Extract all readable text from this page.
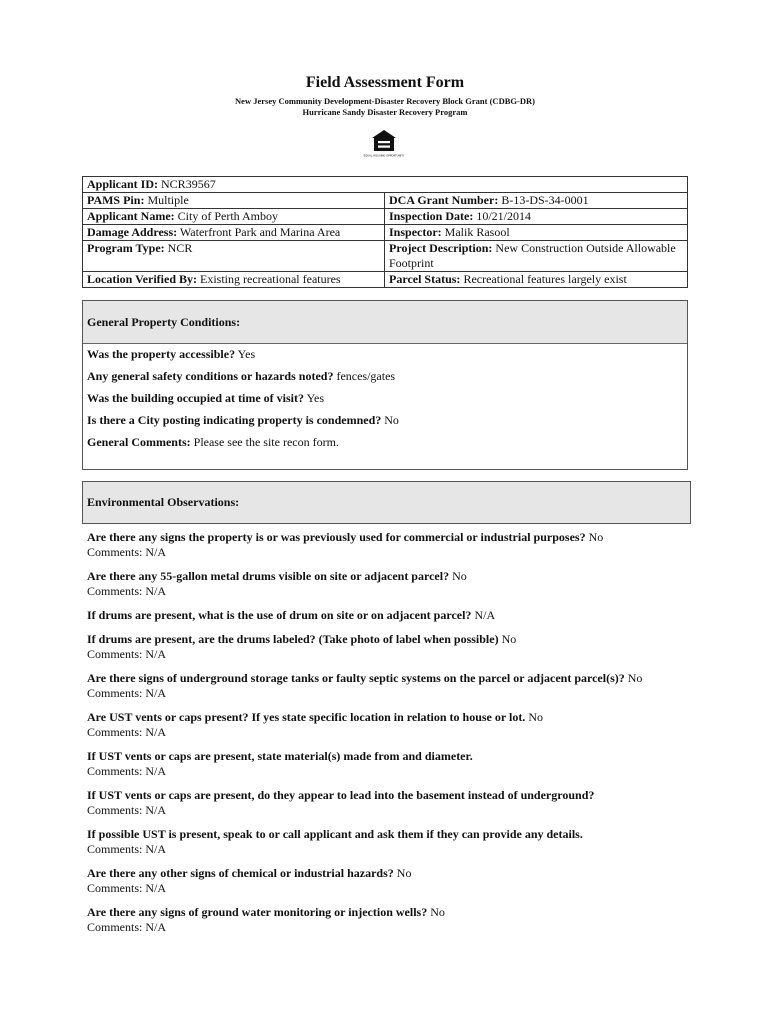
Field Assessment Form
New Jersey Community Development-Disaster Recovery Block Grant (CDBG-DR)
Hurricane Sandy Disaster Recovery Program
EQUAL HOUSING OPPORTUNITY
Applicant ID: NCR39567	
PAMS Pin: Multiple	DCA Grant Number: B-13-DS-34-0001
Applicant Name: City of Perth Amboy	Inspection Date: 10/21/2014
Damage Address: Waterfront Park and Marina Area	Inspector: Malik Rasool
Program Type: NCR	Project Description: New Construction Outside Allowable Footprint
Location Verified By: Existing recreational features	Parcel Status: Recreational features largely exist
General Property Conditions:
Was the property accessible? Yes
Any general safety conditions or hazards noted? fences/gates
Was the building occupied at time of visit? Yes
Is there a City posting indicating property is condemned? No
General Comments: Please see the site recon form.
Environmental Observations:
Are there any signs the property is or was previously used for commercial or industrial purposes? No
Comments: N/A
Are there any 55-gallon metal drums visible on site or adjacent parcel? No
Comments: N/A
If drums are present, what is the use of drum on site or on adjacent parcel? N/A
If drums are present, are the drums labeled? (Take photo of label when possible) No
Comments: N/A
Are there signs of underground storage tanks or faulty septic systems on the parcel or adjacent parcel(s)? No
Comments: N/A
Are UST vents or caps present? If yes state specific location in relation to house or lot. No
Comments: N/A
If UST vents or caps are present, state material(s) made from and diameter.
Comments: N/A
If UST vents or caps are present, do they appear to lead into the basement instead of underground?
Comments: N/A
If possible UST is present, speak to or call applicant and ask them if they can provide any details.
Comments: N/A
Are there any other signs of chemical or industrial hazards? No
Comments: N/A
Are there any signs of ground water monitoring or injection wells? No
Comments: N/A
